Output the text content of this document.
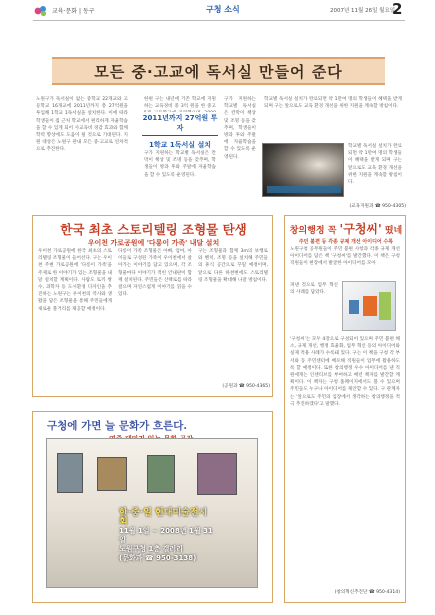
교육·문화 | 동구	구청 소식	2007년 11월 26일 월요일
2
모든 중·고교에 독서실 만들어 준다
노원구가 독서실이 없는 중학교 22개교와 고등학교 16개교에 2011년까지 총 27억원을 투입해 1학교 1독서실을 설치한다. 이에 따라 학생들이 집 근처 학교에서 편리하게 자율학습을 할 수 있게 되어 사교육비 경감 효과와 함께 학력 향상에도 도움이 될 것으로 기대된다. 지원 대상은 노원구 관내 모든 중·고교로 연차적으로 추진한다.
한편 구는 내년에 기존 학교에 지원하는 교육경비 중 3억 원을 한 중고
2011년까지 27억원 투자
1학교 1독서실 설치
구가 지원하는 학교별 독서실은 칸막이 책상 및 조명 등을 갖추며, 학생들이 방과 후와 주말에 자율학습을 할 수 있도록 운영된다.
구가 지원하는 학교별 독서실은 칸막이 책상 및 조명 등을 갖추며, 학생들이 방과 후와 주말에 자율학습을 할 수 있도록 운영된다.
학교별 독서실 설치가 완료되면 약 1만여 명의 학생들이 혜택을 받게 되며 구는 앞으로도 교육 환경 개선을 위한 지원을 계속할 방침이다.
학교별 독서실 설치가 완료되면 약 1만여 명의 학생들이 혜택을 받게 되며 구는 앞으로도 교육 환경 개선을 위한 지원을 계속할 방침이다.
(교육지원과 ☎ 950-4305)
한국 최초 스토리텔링 조형물 탄생
우이천 가로공원에 '다롱이 가족' 내달 설치
우이천 가로공원에 한국 최초의 스토리텔링 조형물이 들어선다. 구는 우이천 주변 가로공원에 '다롱이 가족'을 주제로 한 이야기가 있는 조형물을 내달 설치할 계획이다. 사람도 토끼 쌍수, 과학자 등 도시환경 디자인을 추진하는 노원구는 우이천의 역사와 생활을 담은 조형물을 통해 주민들에게 새로운 볼거리를 제공할 예정이다.
다롱이 가족 조형물은 아빠, 엄마, 아이들로 구성된 가족이 우이천에서 살아가는 이야기를 담고 있으며, 각 조형물마다 이야기가 적힌 안내판이 함께 설치된다. 주민들은 산책로를 따라 걸으며 자연스럽게 이야기를 읽을 수 있다.
구는 조형물과 함께 3m의 보행로와 벤치, 조명 등을 설치해 주민들의 휴식 공간으로 꾸밀 예정이며, 앞으로 다른 하천변에도 스토리텔링 조형물을 확대해 나갈 방침이다.
(공원과 ☎ 950-4365)
창의행정 꼭 '구청씨' 떴네
주민 불편 등 각종 규제 개선 아이디어 수록
노원구청 공무원들이 주민 불편 사항과 각종 규제 개선 아이디어를 담은 책 '구청씨'를 발간했다. 이 책은 구청 직원들이 현장에서 발굴한 아이디어를 모아
펴낸 것으로 업무 혁신의 사례를 담았다.
'구청씨'는 모두 4장으로 구성되어 있으며 주민 불편 해소, 규제 개선, 행정 효율화, 업무 혁신 등의 아이디어와 실제 적용 사례가 수록돼 있다. 구는 이 책을 구청 각 부서와 동 주민센터에 배포해 직원들이 업무에 활용하도록 할 예정이다. 또한 창의행정 우수 아이디어를 낸 직원에게는 인센티브를 부여하고 매년 책자를 발간할 계획이다. 이 책자는 구청 홈페이지에서도 볼 수 있으며 주민들도 누구나 아이디어를 제안할 수 있다. 구 관계자는 '앞으로도 주민의 입장에서 생각하는 창의행정을 적극 추진하겠다'고 말했다.
(창의혁신추진단 ☎ 950-4314)
구청에 가면 늘 문화가 흐른다.
한·중·일 현대미술전시회
11월 1일 ~ 2008년 1월 31일
노원구청 1층 갤러리
(문화과 ☎ 950-3138)
